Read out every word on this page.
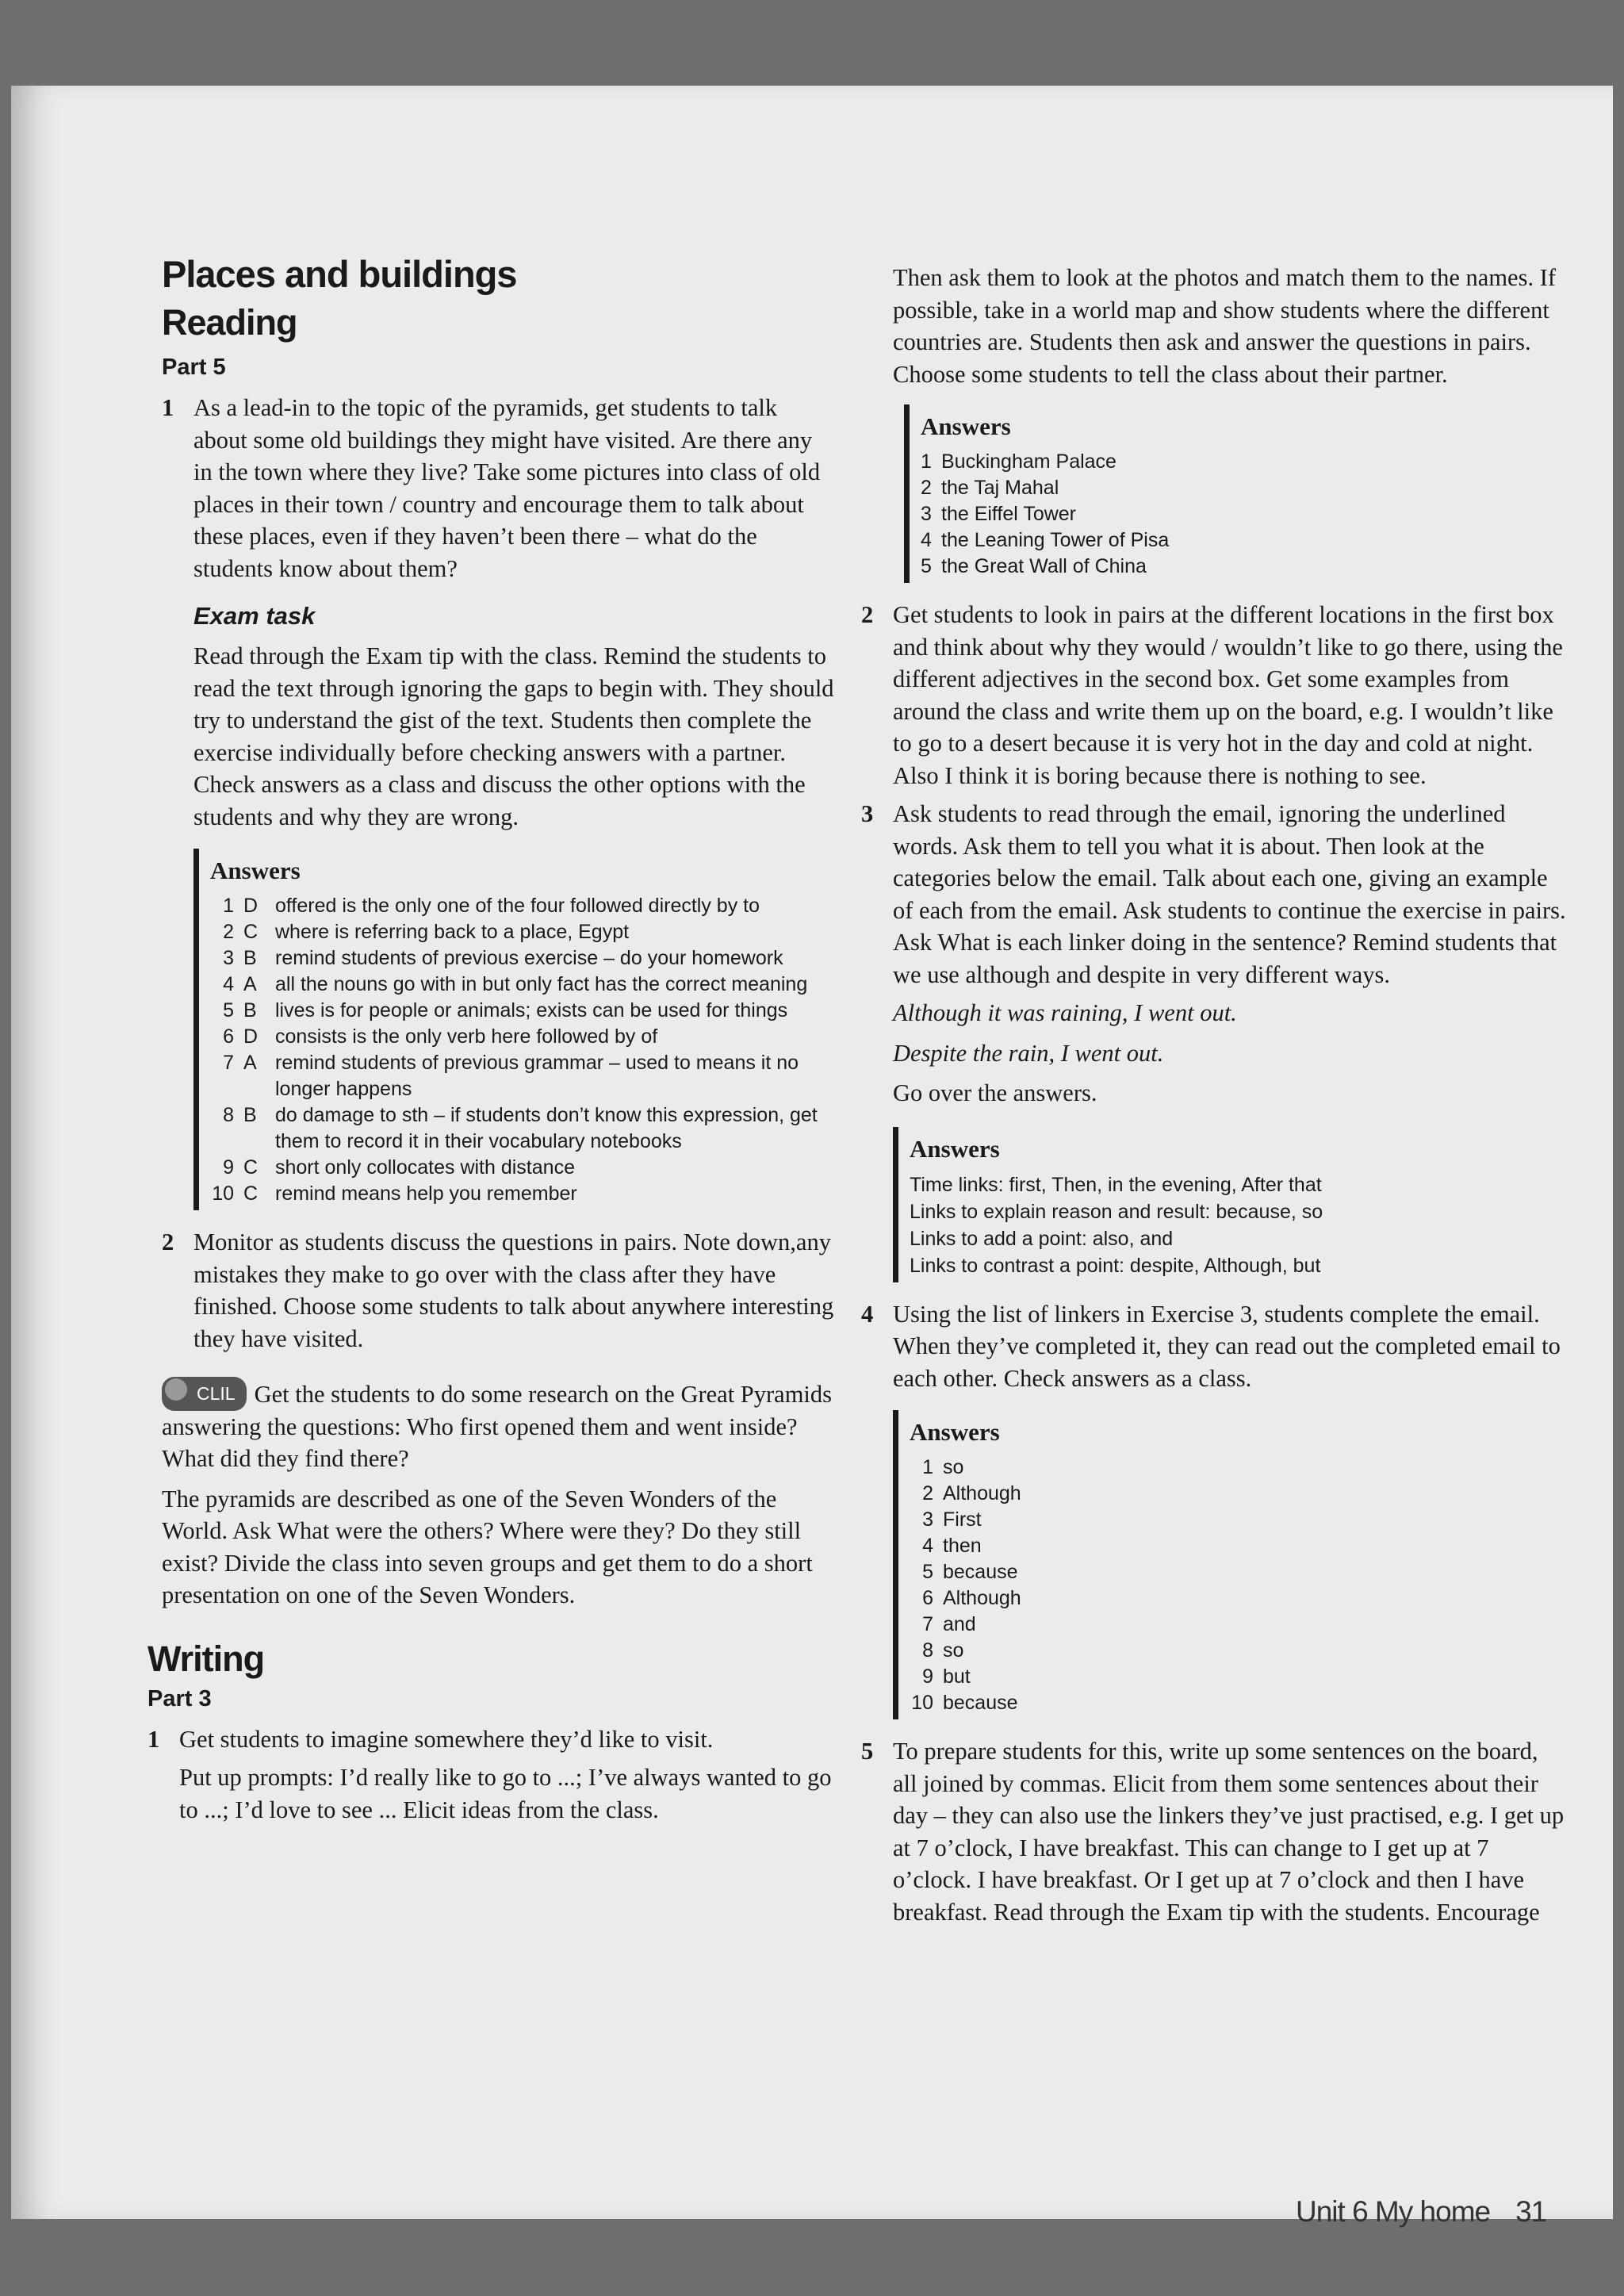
Places and buildings
Reading
Part 5
1 As a lead-in to the topic of the pyramids, get students to talk about some old buildings they might have visited. Are there any in the town where they live? Take some pictures into class of old places in their town / country and encourage them to talk about these places, even if they haven’t been there – what do the students know about them?

Exam task

Read through the Exam tip with the class. Remind the students to read the text through ignoring the gaps to begin with. They should try to understand the gist of the text. Students then complete the exercise individually before checking answers with a partner. Check answers as a class and discuss the other options with the students and why they are wrong.

Answers
1 D offered is the only one of the four followed directly by to
2 C where is referring back to a place, Egypt
3 B remind students of previous exercise – do your homework
4 A all the nouns go with in but only fact has the correct meaning
5 B lives is for people or animals; exists can be used for things
6 D consists is the only verb here followed by of
7 A remind students of previous grammar – used to means it no longer happens
8 B do damage to sth – if students don’t know this expression, get them to record it in their vocabulary notebooks
9 C short only collocates with distance
10 C remind means help you remember
2 Monitor as students discuss the questions in pairs. Note down,any mistakes they make to go over with the class after they have finished. Choose some students to talk about anywhere interesting they have visited.

CLIL Get the students to do some research on the Great Pyramids answering the questions: Who first opened them and went inside? What did they find there?

The pyramids are described as one of the Seven Wonders of the World. Ask What were the others? Where were they? Do they still exist? Divide the class into seven groups and get them to do a short presentation on one of the Seven Wonders.

Writing
Part 3
1 Get students to imagine somewhere they’d like to visit.

Put up prompts: I’d really like to go to ...; I’ve always wanted to go to ...; I’d love to see ... Elicit ideas from the class.

Then ask them to look at the photos and match them to the names. If possible, take in a world map and show students where the different countries are. Students then ask and answer the questions in pairs. Choose some students to tell the class about their partner.

Answers
1 Buckingham Palace
2 the Taj Mahal
3 the Eiffel Tower
4 the Leaning Tower of Pisa
5 the Great Wall of China
2 Get students to look in pairs at the different locations in the first box and think about why they would / wouldn’t like to go there, using the different adjectives in the second box. Get some examples from around the class and write them up on the board, e.g. I wouldn’t like to go to a desert because it is very hot in the day and cold at night. Also I think it is boring because there is nothing to see.

3 Ask students to read through the email, ignoring the underlined words. Ask them to tell you what it is about. Then look at the categories below the email. Talk about each one, giving an example of each from the email. Ask students to continue the exercise in pairs. Ask What is each linker doing in the sentence? Remind students that we use although and despite in very different ways.

Although it was raining, I went out.

Despite the rain, I went out.

Go over the answers.

Answers
Time links: first, Then, in the evening, After that
Links to explain reason and result: because, so
Links to add a point: also, and
Links to contrast a point: despite, Although, but
4 Using the list of linkers in Exercise 3, students complete the email. When they’ve completed it, they can read out the completed email to each other. Check answers as a class.

Answers
1 so
2 Although
3 First
4 then
5 because
6 Although
7 and
8 so
9 but
10 because
5 To prepare students for this, write up some sentences on the board, all joined by commas. Elicit from them some sentences about their day – they can also use the linkers they’ve just practised, e.g. I get up at 7 o’clock, I have breakfast. This can change to I get up at 7 o’clock. I have breakfast. Or I get up at 7 o’clock and then I have breakfast. Read through the Exam tip with the students. Encourage

Unit 6 My home 31
